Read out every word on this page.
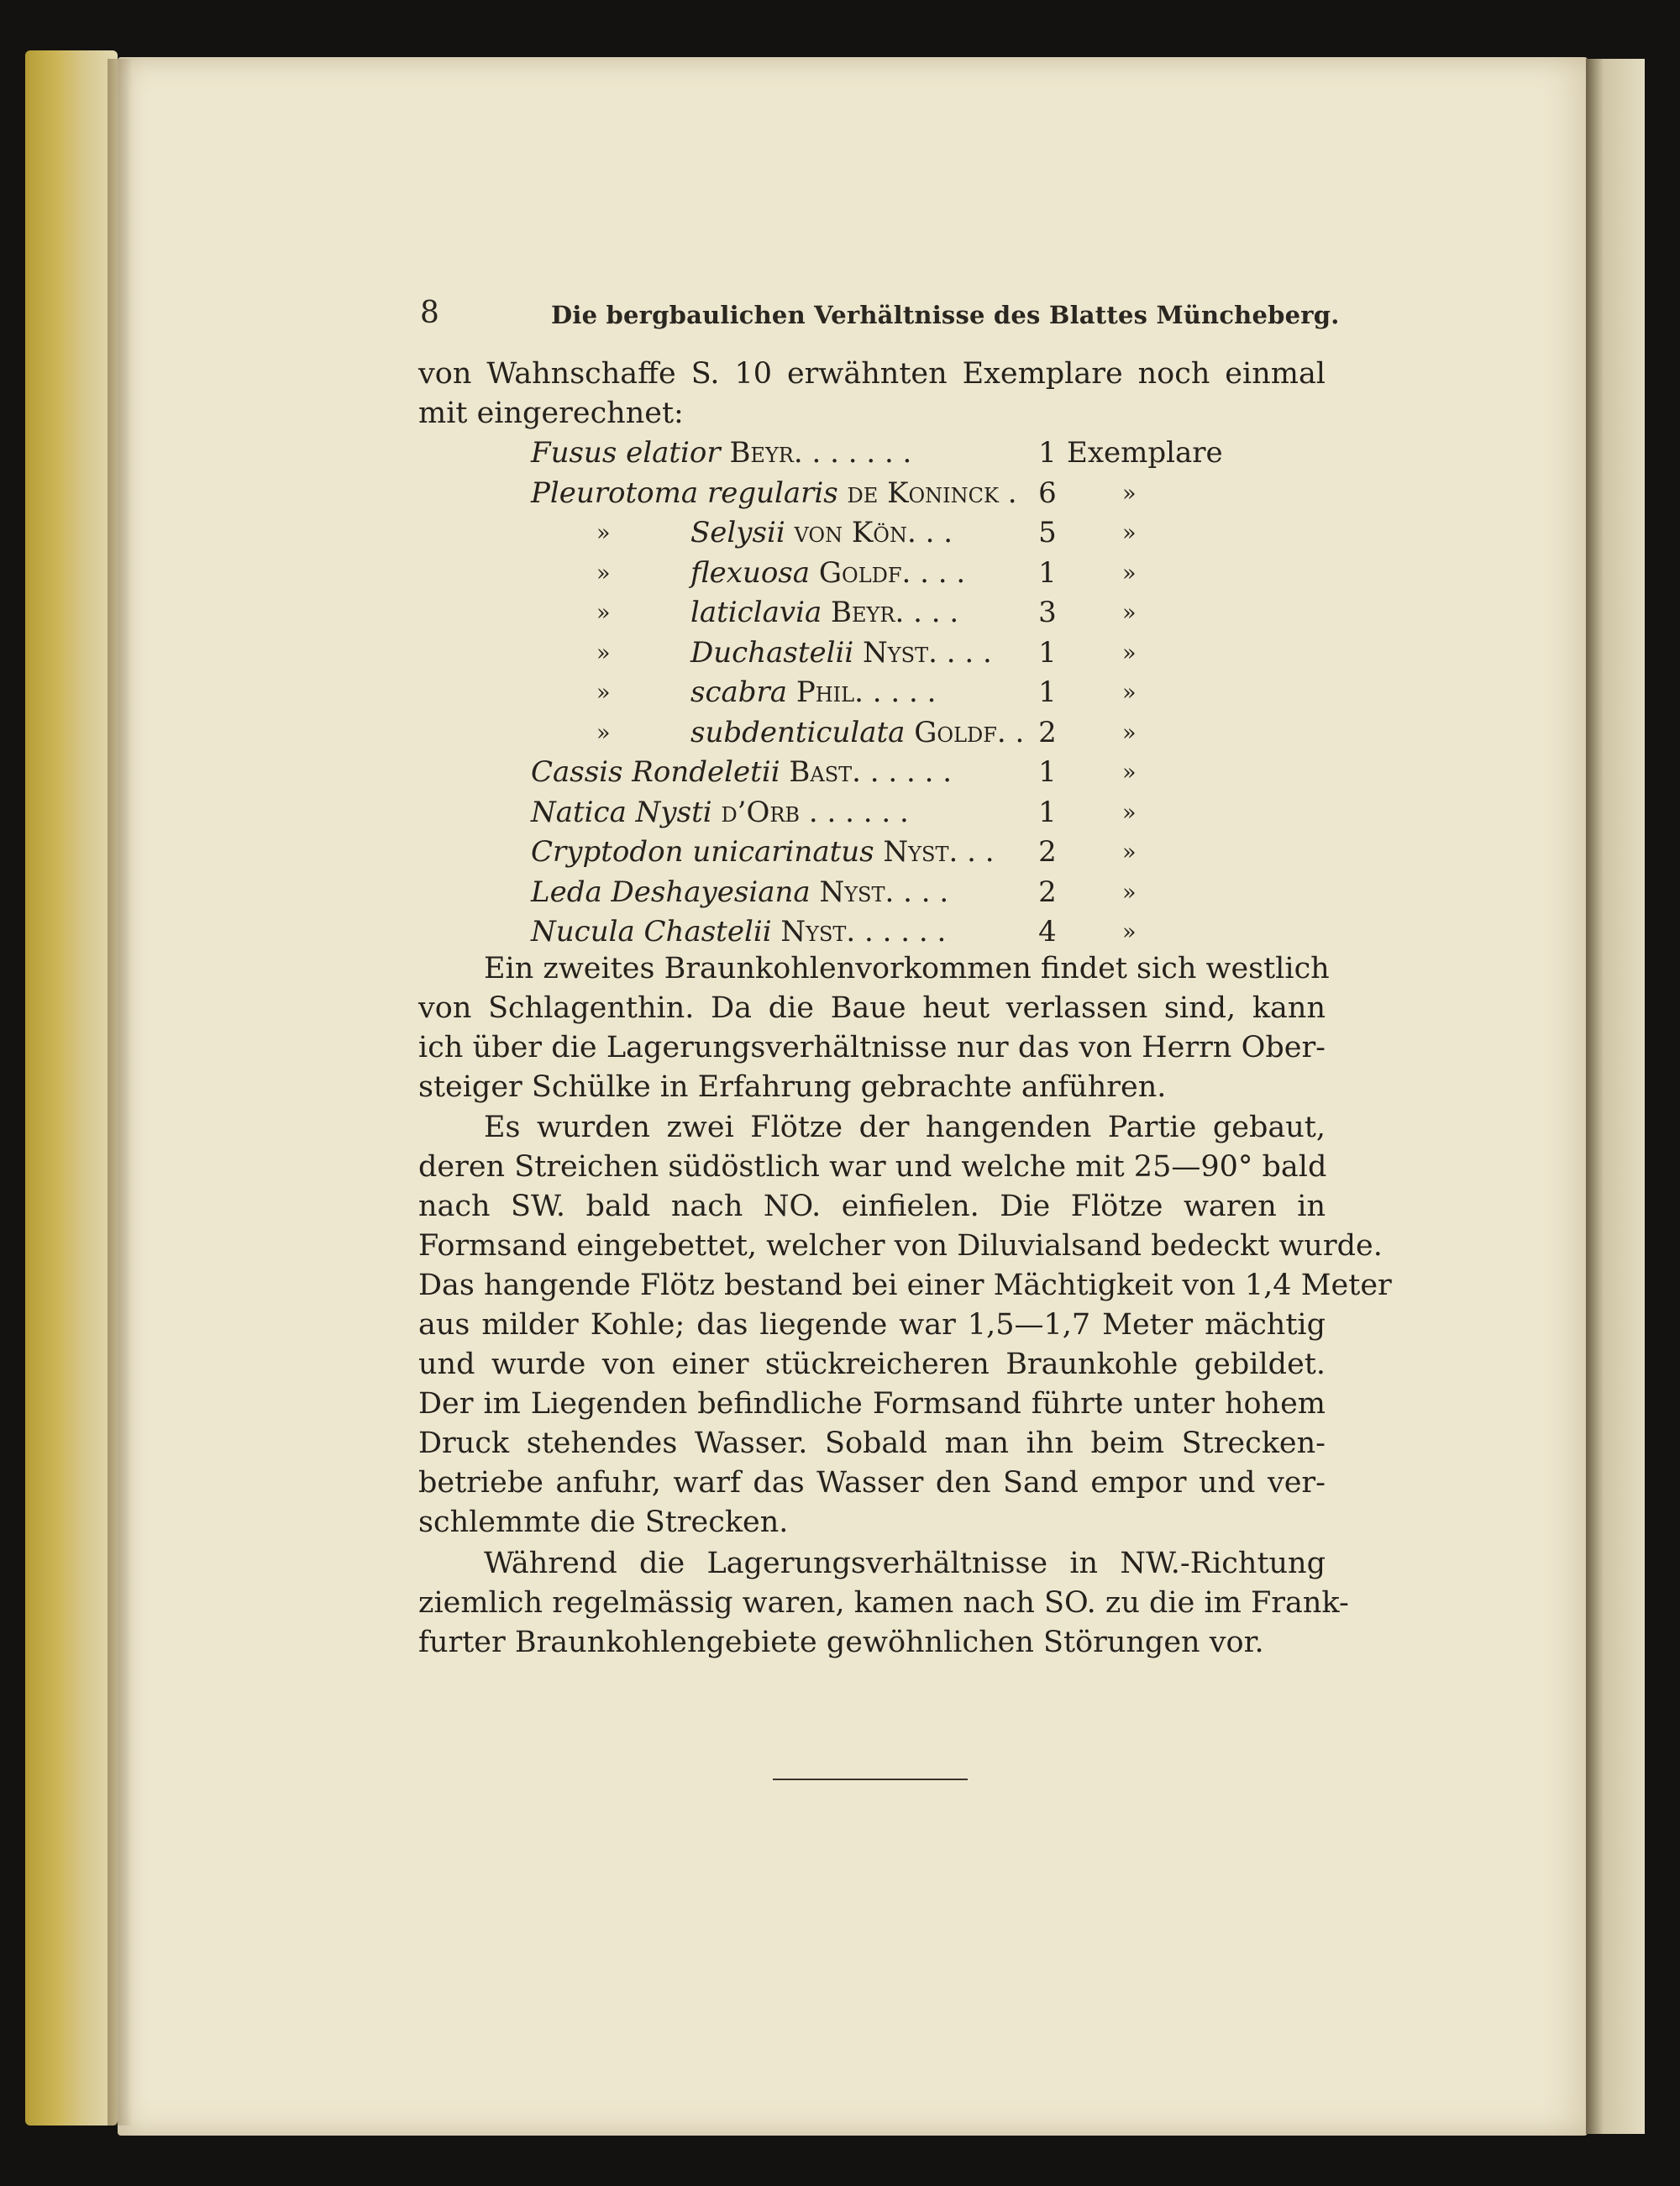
8	Die bergbaulichen Verhältnisse des Blattes Müncheberg.
von Wahnschaffe S. 10 erwähnten Exemplare noch einmal
mit eingerechnet:
Fusus elatior Beyr. . . . . . .	1 Exemplare
Pleurotoma regularis de Koninck . 6	»
»	Selysii von Kön. . .	5	»
»	flexuosa Goldf. . . .	1	»
»	laticlavia Beyr. . . .	3	»
»	Duchastelii Nyst. . . . 1	»
»	scabra Phil. . . . .	1	»
»	subdenticulata Goldf. . 2	»
Cassis Rondeletii Bast. . . . . .	1	»
Natica Nysti d’Orb . . . . . .	1	»
Cryptodon unicarinatus Nyst. . . 2	»
Leda Deshayesiana Nyst. . . .	2	»
Nucula Chastelii Nyst. . . . . .	4	»
Ein zweites Braunkohlenvorkommen findet sich westlich
von Schlagenthin. Da die Baue heut verlassen sind, kann
ich über die Lagerungsverhältnisse nur das von Herrn Ober-
steiger Schülke in Erfahrung gebrachte anführen.
Es wurden zwei Flötze der hangenden Partie gebaut,
deren Streichen südöstlich war und welche mit 25—90° bald
nach SW. bald nach NO. einfielen. Die Flötze waren in
Formsand eingebettet, welcher von Diluvialsand bedeckt wurde.
Das hangende Flötz bestand bei einer Mächtigkeit von 1,4 Meter
aus milder Kohle; das liegende war 1,5—1,7 Meter mächtig
und wurde von einer stückreicheren Braunkohle gebildet.
Der im Liegenden befindliche Formsand führte unter hohem
Druck stehendes Wasser. Sobald man ihn beim Strecken-
betriebe anfuhr, warf das Wasser den Sand empor und ver-
schlemmte die Strecken.
Während die Lagerungsverhältnisse in NW.-Richtung
ziemlich regelmässig waren, kamen nach SO. zu die im Frank-
furter Braunkohlengebiete gewöhnlichen Störungen vor.
